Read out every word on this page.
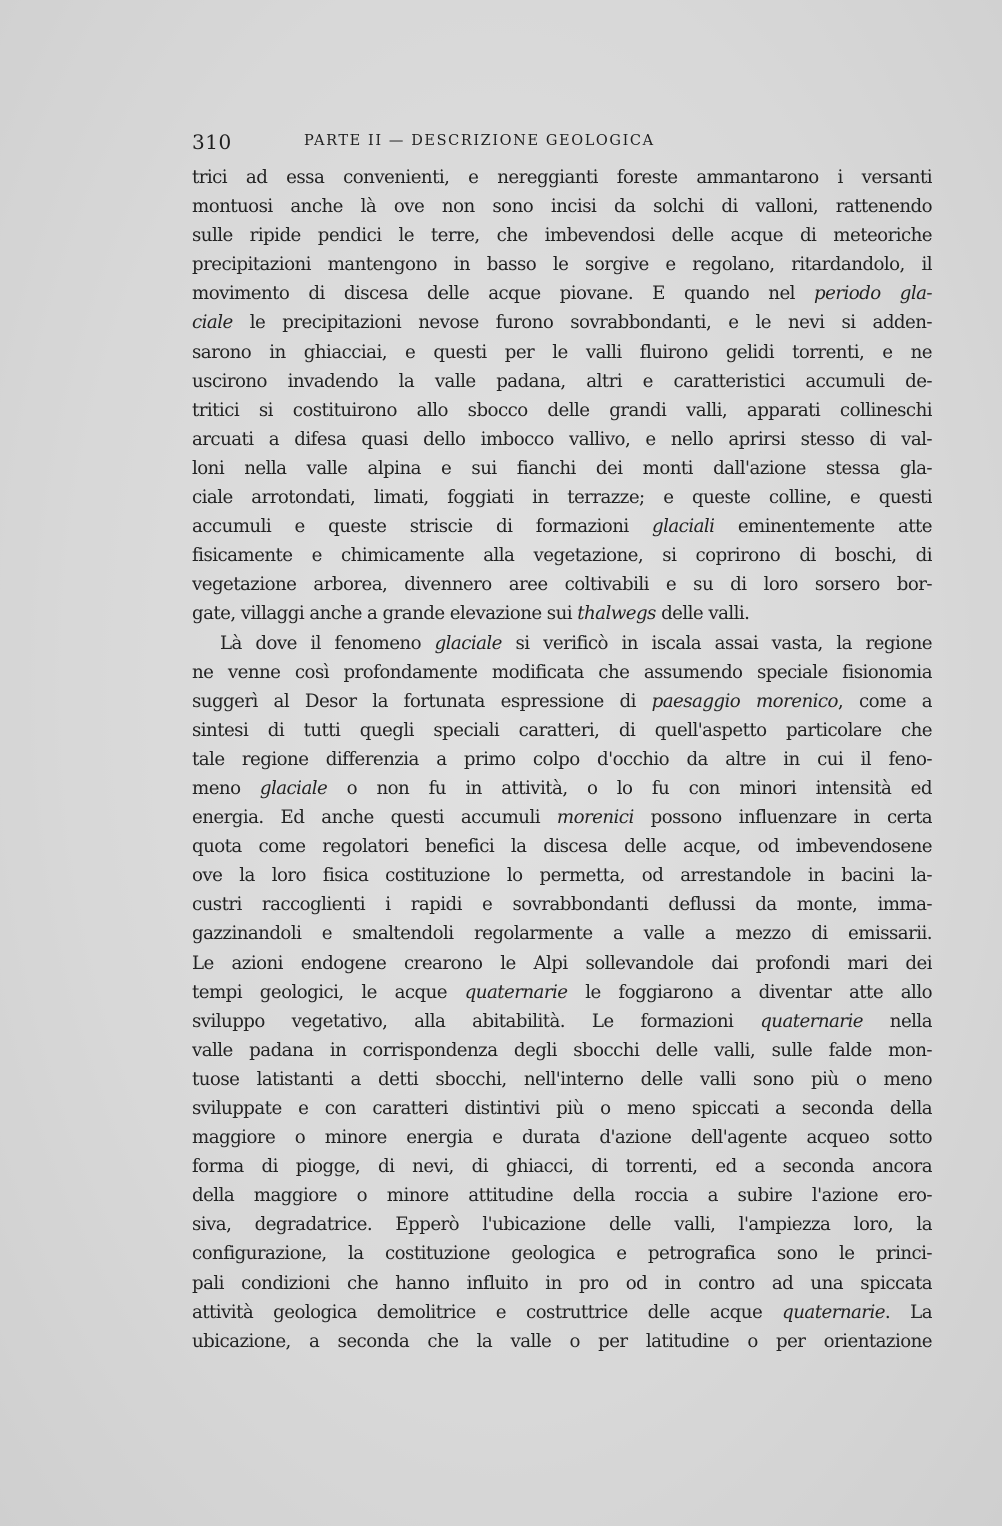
310	PARTE II — DESCRIZIONE GEOLOGICA
trici ad essa convenienti, e nereggianti foreste ammantarono i versanti
montuosi anche là ove non sono incisi da solchi di valloni, rattenendo
sulle ripide pendici le terre, che imbevendosi delle acque di meteoriche
precipitazioni mantengono in basso le sorgive e regolano, ritardandolo, il
movimento di discesa delle acque piovane. E quando nel periodo gla-
ciale le precipitazioni nevose furono sovrabbondanti, e le nevi si adden-
sarono in ghiacciai, e questi per le valli fluirono gelidi torrenti, e ne
uscirono invadendo la valle padana, altri e caratteristici accumuli de-
tritici si costituirono allo sbocco delle grandi valli, apparati collineschi
arcuati a difesa quasi dello imbocco vallivo, e nello aprirsi stesso di val-
loni nella valle alpina e sui fianchi dei monti dall'azione stessa gla-
ciale arrotondati, limati, foggiati in terrazze; e queste colline, e questi
accumuli e queste striscie di formazioni glaciali eminentemente atte
fisicamente e chimicamente alla vegetazione, si coprirono di boschi, di
vegetazione arborea, divennero aree coltivabili e su di loro sorsero bor-
gate, villaggi anche a grande elevazione sui thalwegs delle valli.
Là dove il fenomeno glaciale si verificò in iscala assai vasta, la regione
ne venne così profondamente modificata che assumendo speciale fisionomia
suggerì al Desor la fortunata espressione di paesaggio morenico, come a
sintesi di tutti quegli speciali caratteri, di quell'aspetto particolare che
tale regione differenzia a primo colpo d'occhio da altre in cui il feno-
meno glaciale o non fu in attività, o lo fu con minori intensità ed
energia. Ed anche questi accumuli morenici possono influenzare in certa
quota come regolatori benefici la discesa delle acque, od imbevendosene
ove la loro fisica costituzione lo permetta, od arrestandole in bacini la-
custri raccoglienti i rapidi e sovrabbondanti deflussi da monte, imma-
gazzinandoli e smaltendoli regolarmente a valle a mezzo di emissarii.
Le azioni endogene crearono le Alpi sollevandole dai profondi mari dei
tempi geologici, le acque quaternarie le foggiarono a diventar atte allo
sviluppo vegetativo, alla abitabilità. Le formazioni quaternarie nella
valle padana in corrispondenza degli sbocchi delle valli, sulle falde mon-
tuose latistanti a detti sbocchi, nell'interno delle valli sono più o meno
sviluppate e con caratteri distintivi più o meno spiccati a seconda della
maggiore o minore energia e durata d'azione dell'agente acqueo sotto
forma di piogge, di nevi, di ghiacci, di torrenti, ed a seconda ancora
della maggiore o minore attitudine della roccia a subire l'azione ero-
siva, degradatrice. Epperò l'ubicazione delle valli, l'ampiezza loro, la
configurazione, la costituzione geologica e petrografica sono le princi-
pali condizioni che hanno influito in pro od in contro ad una spiccata
attività geologica demolitrice e costruttrice delle acque quaternarie. La
ubicazione, a seconda che la valle o per latitudine o per orientazione
